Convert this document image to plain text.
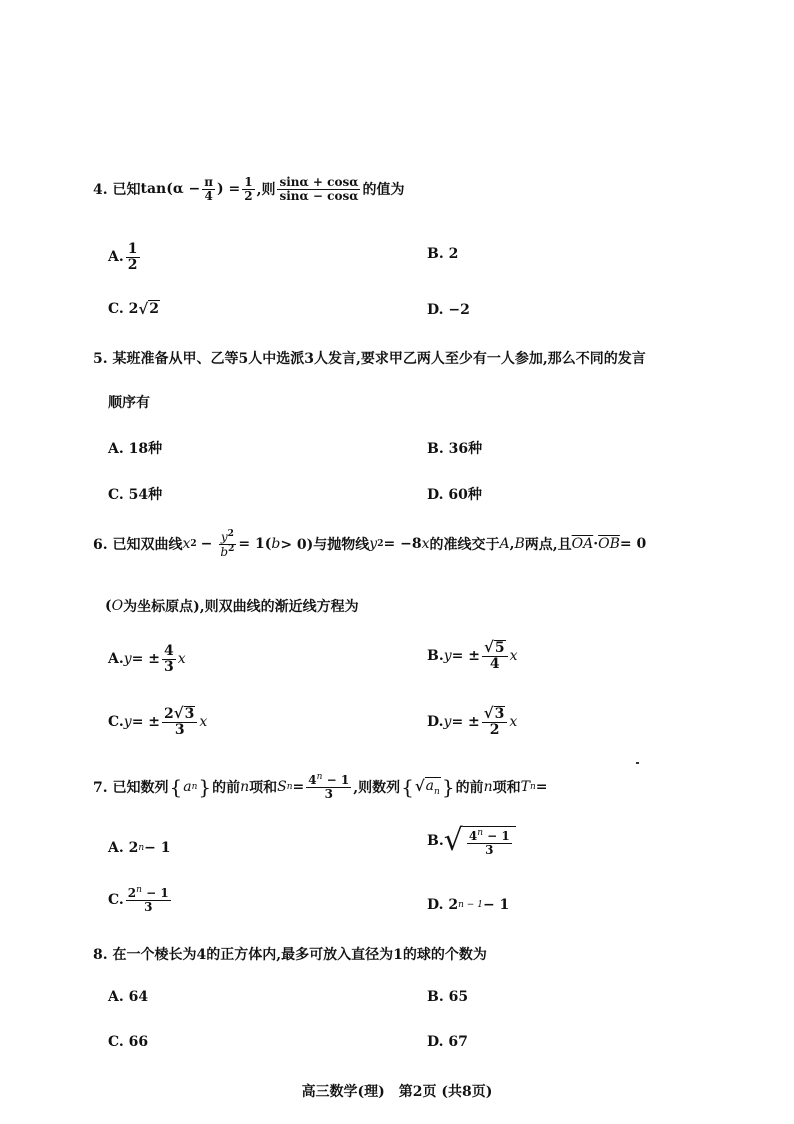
4. 已知 $\tan(\alpha - \frac{\pi}{4}$ ) = $\frac{1}{2}$ ,则 $\frac{\sin\alpha + \cos\alpha}{\sin\alpha - \cos\alpha}$ 的值为
A. $\frac{1}{2}$	B. 2
C. 2 √ 2	D. −2
5. 某班准备从甲、乙等5人中选派3人发言,要求甲乙两人至少有一人参加,那么不同的发言
顺序有
A. 18种	B. 36种
C. 54种	D. 60种
6. 已知双曲线 x $2 - \frac{y^2}{b^2} = 1$( b > 0)与抛物线 y 2 = −8 x 的准线交于 A , B 两点,且 $\overline{OA} \cdot \overline{OB} = 0$
( O 为坐标原点),则双曲线的渐近线方程为
A. y = ± $\frac{4}{3}$ x	B. y = ± $\frac{√ 5}{4}$ x
C. y = ± $\frac{2 √ 3}{3}$ x	D. y = ± $\frac{√ 3}{2}$ x
7. 已知数列 { a n } 的前 n 项和 S $n = \frac{4^n - 1}{3}$ ,则数列 { √ $a_n$ } 的前 n 项和 T n =
A. 2 n − 1	B. √ $\frac{4^n - 1}{3}$
C. $\frac{2^n - 1}{3}$	D. 2 n − 1 − 1
8. 在一个棱长为4的正方体内,最多可放入直径为1的球的个数为
A. 64	B. 65
C. 66	D. 67
高三数学(理)　第2页 (共8页)
